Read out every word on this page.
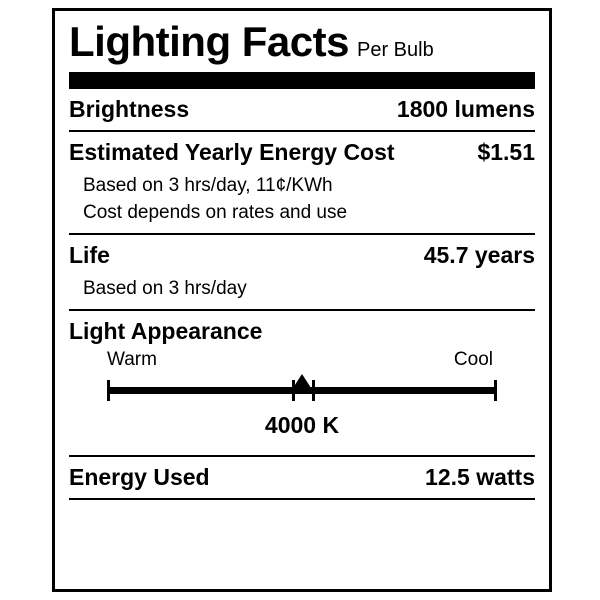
Lighting Facts Per Bulb
Brightness	1800 lumens
Estimated Yearly Energy Cost	$1.51
Based on 3 hrs/day, 11¢/KWh
Cost depends on rates and use
Life	45.7 years
Based on 3 hrs/day
Light Appearance
Warm	Cool
4000 K
Energy Used	12.5 watts
